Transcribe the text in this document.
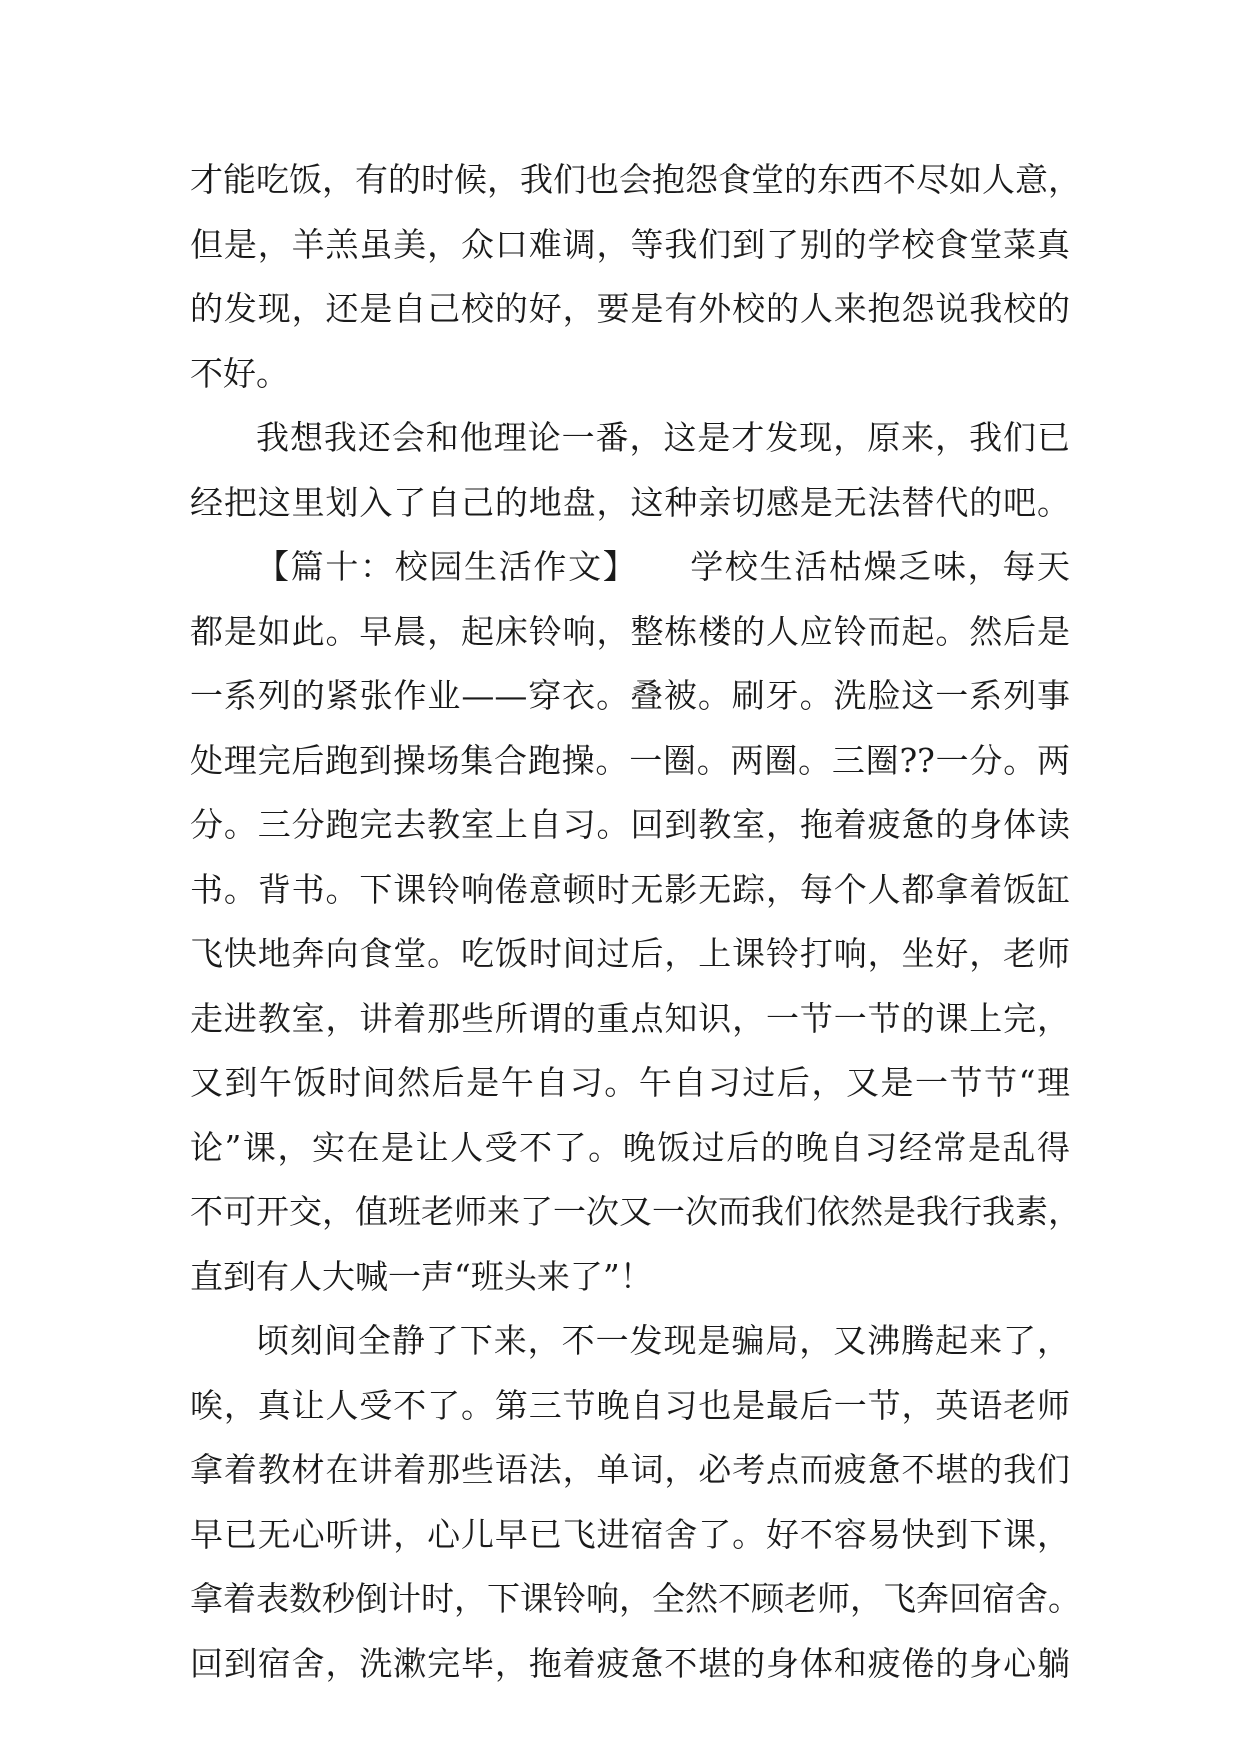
才能吃饭，有的时候，我们也会抱怨食堂的东西不尽如人意，
但是，羊羔虽美，众口难调，等我们到了别的学校食堂菜真
的发现，还是自己校的好，要是有外校的人来抱怨说我校的
不好。
我想我还会和他理论一番，这是才发现，原来，我们已
经把这里划入了自己的地盘，这种亲切感是无法替代的吧。
【篇十：校园生活作文】　　学校生活枯燥乏味，每天
都是如此。早晨，起床铃响，整栋楼的人应铃而起。然后是
一系列的紧张作业——穿衣。叠被。刷牙。洗脸这一系列事
处理完后跑到操场集合跑操。一圈。两圈。三圈??一分。两
分。三分跑完去教室上自习。回到教室，拖着疲惫的身体读
书。背书。下课铃响倦意顿时无影无踪，每个人都拿着饭缸
飞快地奔向食堂。吃饭时间过后，上课铃打响，坐好，老师
走进教室，讲着那些所谓的重点知识，一节一节的课上完，
又到午饭时间然后是午自习。午自习过后，又是一节节“理
论”课，实在是让人受不了。晚饭过后的晚自习经常是乱得
不可开交，值班老师来了一次又一次而我们依然是我行我素，
直到有人大喊一声“班头来了”！
顷刻间全静了下来，不一发现是骗局，又沸腾起来了，
唉，真让人受不了。第三节晚自习也是最后一节，英语老师
拿着教材在讲着那些语法，单词，必考点而疲惫不堪的我们
早已无心听讲，心儿早已飞进宿舍了。好不容易快到下课，
拿着表数秒倒计时，下课铃响，全然不顾老师，飞奔回宿舍。
回到宿舍，洗漱完毕，拖着疲惫不堪的身体和疲倦的身心躺
